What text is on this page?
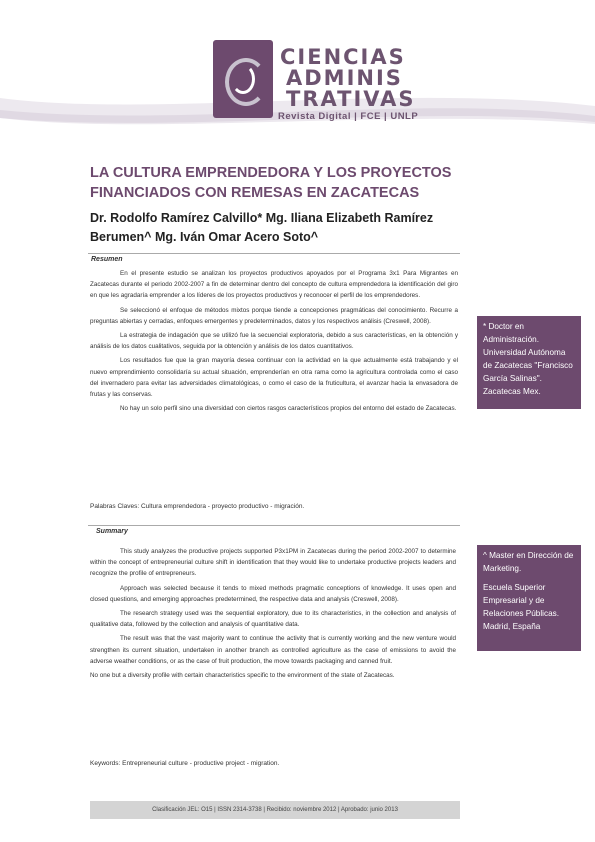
CIENCIAS
ADMINIS
TRATIVAS
Revista Digital | FCE | UNLP
LA CULTURA EMPRENDEDORA Y LOS PROYECTOS FINANCIADOS CON REMESAS EN ZACATECAS
Dr. Rodolfo Ramírez Calvillo* Mg. Iliana Elizabeth Ramírez Berumen^ Mg. Iván Omar Acero Soto^
Resumen

En el presente estudio se analizan los proyectos productivos apoyados por el Programa 3x1 Para Migrantes en Zacatecas durante el periodo 2002-2007 a fin de determinar dentro del concepto de cultura emprendedora la identificación del giro en que les agradaría emprender a los líderes de los proyectos productivos y reconocer el perfil de los emprendedores.

Se seleccionó el enfoque de métodos mixtos porque tiende a concepciones pragmáticas del conocimiento. Recurre a preguntas abiertas y cerradas, enfoques emergentes y predeterminados, datos y los respectivos análisis (Creswell, 2008).

La estrategia de indagación que se utilizó fue la secuencial exploratoria, debido a sus características, en la obtención y análisis de los datos cualitativos, seguida por la obtención y análisis de los datos cuantitativos.

Los resultados fue que la gran mayoría desea continuar con la actividad en la que actualmente está trabajando y el nuevo emprendimiento consolidaría su actual situación, emprenderían en otra rama como la agricultura controlada como el caso del invernadero para evitar las adversidades climatológicas, o como el caso de la fruticultura, el avanzar hacia la envasadora de frutas y las conservas.

No hay un solo perfil sino una diversidad con ciertos rasgos característicos propios del entorno del estado de Zacatecas.

Palabras Claves: Cultura emprendedora - proyecto productivo - migración.
Summary

This study analyzes the productive projects supported P3x1PM in Zacatecas during the period 2002-2007 to determine within the concept of entrepreneurial culture shift in identification that they would like to undertake productive projects leaders and recognize the profile of entrepreneurs.

Approach was selected because it tends to mixed methods pragmatic conceptions of knowledge. It uses open and closed questions, and emerging approaches predetermined, the respective data and analysis (Creswell, 2008).

The research strategy used was the sequential exploratory, due to its characteristics, in the collection and analysis of qualitative data, followed by the collection and analysis of quantitative data.

The result was that the vast majority want to continue the activity that is currently working and the new venture would strengthen its current situation, undertaken in another branch as controlled agriculture as the case of emissions to avoid the adverse weather conditions, or as the case of fruit production, the move towards packaging and canned fruit.

No one but a diversity profile with certain characteristics specific to the environment of the state of Zacatecas.

Keywords: Entrepreneurial culture - productive project - migration.
* Doctor en Administración. Universidad Autónoma de Zacatecas "Francisco García Salinas". Zacatecas Mex.
^ Master en Dirección de Marketing.
Escuela Superior Empresarial y de Relaciones Públicas. Madrid, España
Clasificación JEL: O15 | ISSN 2314-3738 | Recibido: noviembre 2012 | Aprobado: junio 2013
